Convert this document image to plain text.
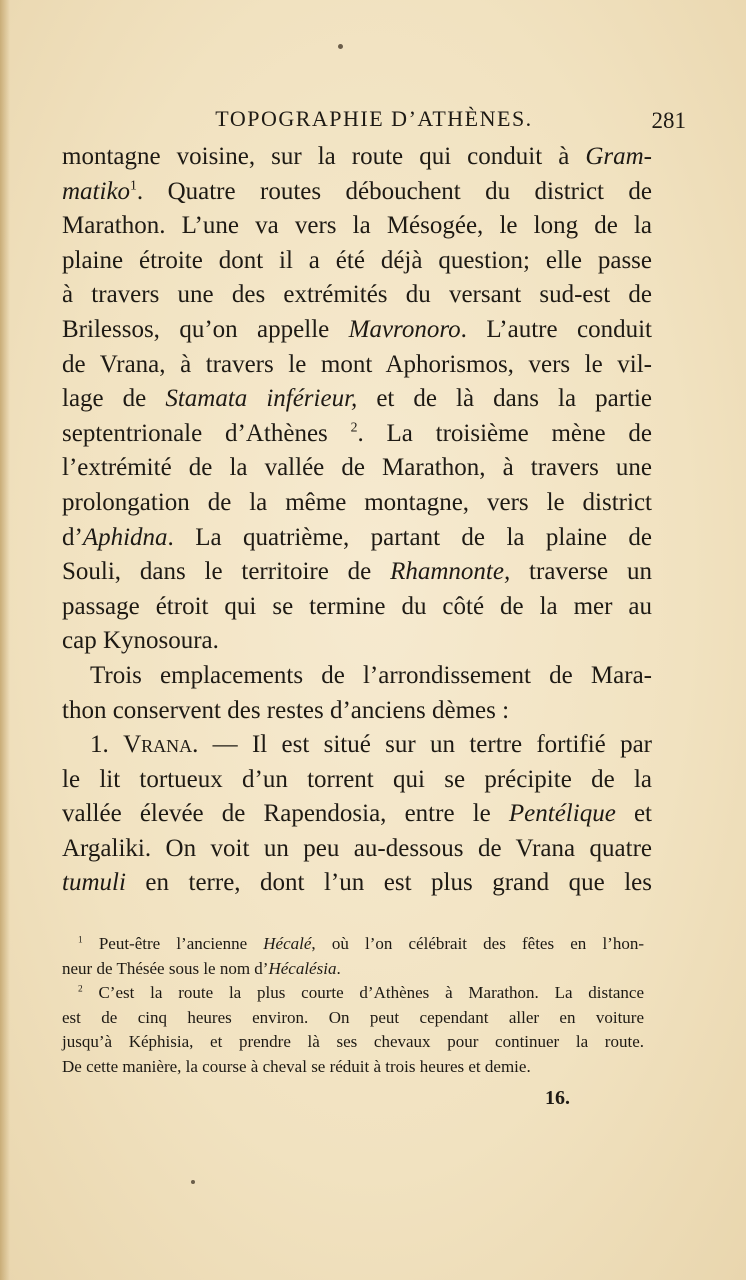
TOPOGRAPHIE D’ATHÈNES.	281
montagne voisine, sur la route qui conduit à Gram-
matiko$^1$. Quatre routes débouchent du district de
Marathon. L’une va vers la Mésogée, le long de la
plaine étroite dont il a été déjà question; elle passe
à travers une des extrémités du versant sud-est de
Brilessos, qu’on appelle Mavronoro. L’autre conduit
de Vrana, à travers le mont Aphorismos, vers le vil-
lage de Stamata inférieur, et de là dans la partie
septentrionale d’Athènes $^2$. La troisième mène de
l’extrémité de la vallée de Marathon, à travers une
prolongation de la même montagne, vers le district
d’Aphidna. La quatrième, partant de la plaine de
Souli, dans le territoire de Rhamnonte, traverse un
passage étroit qui se termine du côté de la mer au
cap Kynosoura.
Trois emplacements de l’arrondissement de Mara-
thon conservent des restes d’anciens dèmes :
1. Vrana. — Il est situé sur un tertre fortifié par
le lit tortueux d’un torrent qui se précipite de la
vallée élevée de Rapendosia, entre le Pentélique et
Argaliki. On voit un peu au-dessous de Vrana quatre
tumuli en terre, dont l’un est plus grand que les
$^1$ Peut-être l’ancienne Hécalé, où l’on célébrait des fêtes en l’hon-
neur de Thésée sous le nom d’Hécalésia.
$^2$ C’est la route la plus courte d’Athènes à Marathon. La distance
est de cinq heures environ. On peut cependant aller en voiture
jusqu’à Képhisia, et prendre là ses chevaux pour continuer la route.
De cette manière, la course à cheval se réduit à trois heures et demie.
16.
